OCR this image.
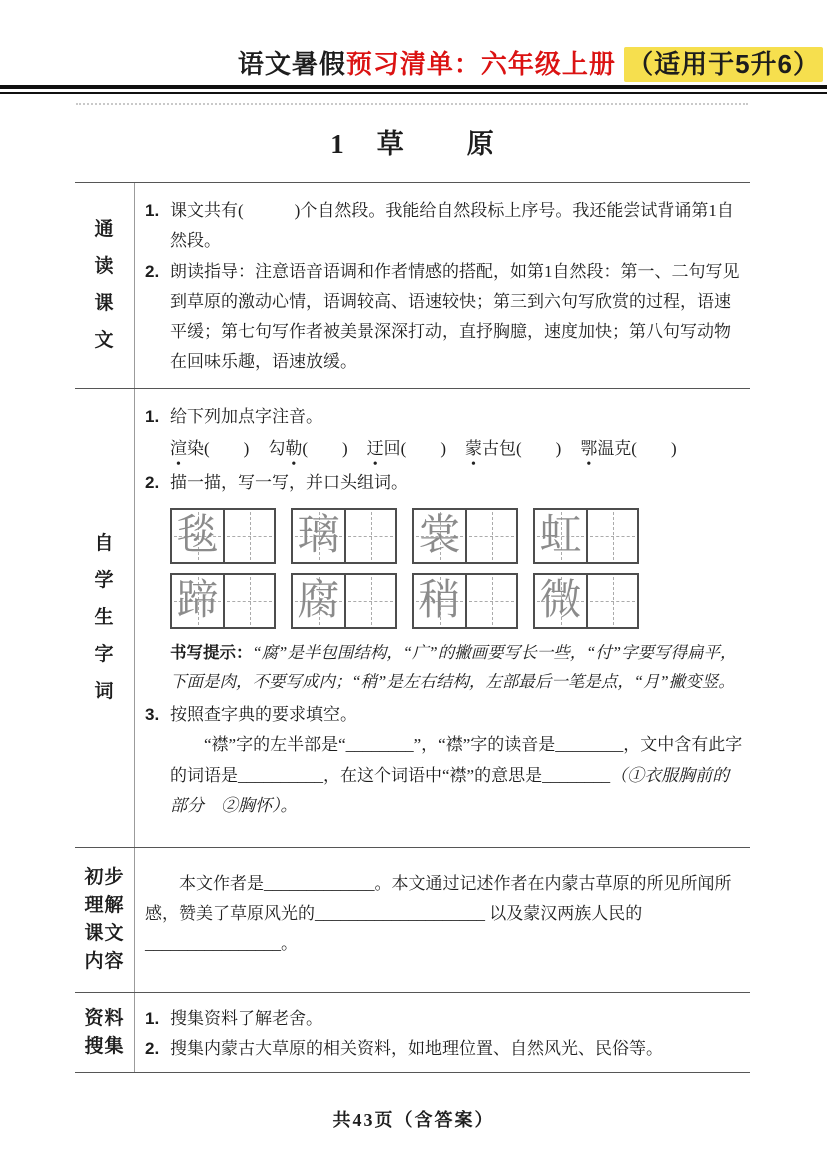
语文暑假预习清单：六年级上册 （适用于5升6）
1　草　　原
通
读
课
文
1. 课文共有(　　　)个自然段。我能给自然段标上序号。我还能尝试背诵第1自然段。
2. 朗读指导：注意语音语调和作者情感的搭配，如第1自然段：第一、二句写见到草原的激动心情，语调较高、语速较快；第三到六句写欣赏的过程，语速平缓；第七句写作者被美景深深打动，直抒胸臆，速度加快；第八句写动物在回味乐趣，语速放缓。
自
学
生
字
词
1. 给下列加点字注音。
渲染(　　) 勾勒(　　) 迂回(　　) 蒙古包(　　) 鄂温克(　　)
2. 描一描，写一写，并口头组词。
毯 璃 裳 虹
蹄 腐 稍 微
书写提示：“腐”是半包围结构，“广”的撇画要写长一些，“付”字要写得扁平，下面是肉，不要写成内；“稍”是左右结构，左部最后一笔是点，“月”撇变竖。
3. 按照查字典的要求填空。
“襟”字的左半部是“________”，“襟”字的读音是________，文中含有此字的词语是__________，在这个词语中“襟”的意思是________（①衣服胸前的部分　②胸怀）。
初步
理解
课文
内容
本文作者是_____________。本文通过记述作者在内蒙古草原的所见所闻所感，赞美了草原风光的____________________ 以及蒙汉两族人民的________________。
资料
搜集
1. 搜集资料了解老舍。
2. 搜集内蒙古大草原的相关资料，如地理位置、自然风光、民俗等。
共43页（含答案）
